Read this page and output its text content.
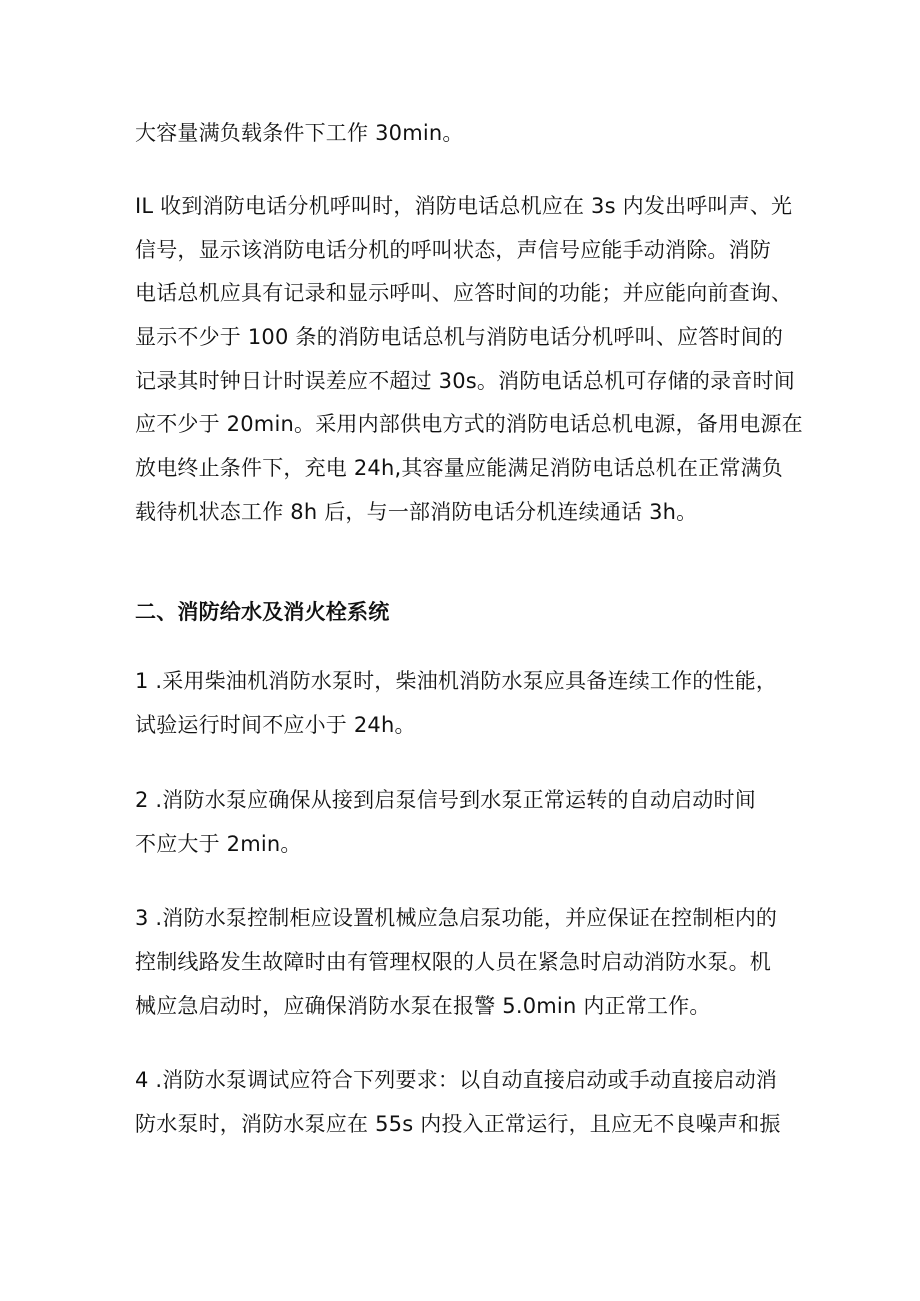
大容量满负载条件下工作 30min。
IL 收到消防电话分机呼叫时，消防电话总机应在 3s 内发出呼叫声、光
信号，显示该消防电话分机的呼叫状态，声信号应能手动消除。消防
电话总机应具有记录和显示呼叫、应答时间的功能；并应能向前查询、
显示不少于 100 条的消防电话总机与消防电话分机呼叫、应答时间的
记录其时钟日计时误差应不超过 30s。消防电话总机可存储的录音时间
应不少于 20min。采用内部供电方式的消防电话总机电源，备用电源在
放电终止条件下，充电 24h,其容量应能满足消防电话总机在正常满负
载待机状态工作 8h 后，与一部消防电话分机连续通话 3h。
二、消防给水及消火栓系统
1 .采用柴油机消防水泵时，柴油机消防水泵应具备连续工作的性能，
试验运行时间不应小于 24h。
2 .消防水泵应确保从接到启泵信号到水泵正常运转的自动启动时间
不应大于 2min。
3 .消防水泵控制柜应设置机械应急启泵功能，并应保证在控制柜内的
控制线路发生故障时由有管理权限的人员在紧急时启动消防水泵。机
械应急启动时，应确保消防水泵在报警 5.0min 内正常工作。
4 .消防水泵调试应符合下列要求：以自动直接启动或手动直接启动消
防水泵时，消防水泵应在 55s 内投入正常运行，且应无不良噪声和振
